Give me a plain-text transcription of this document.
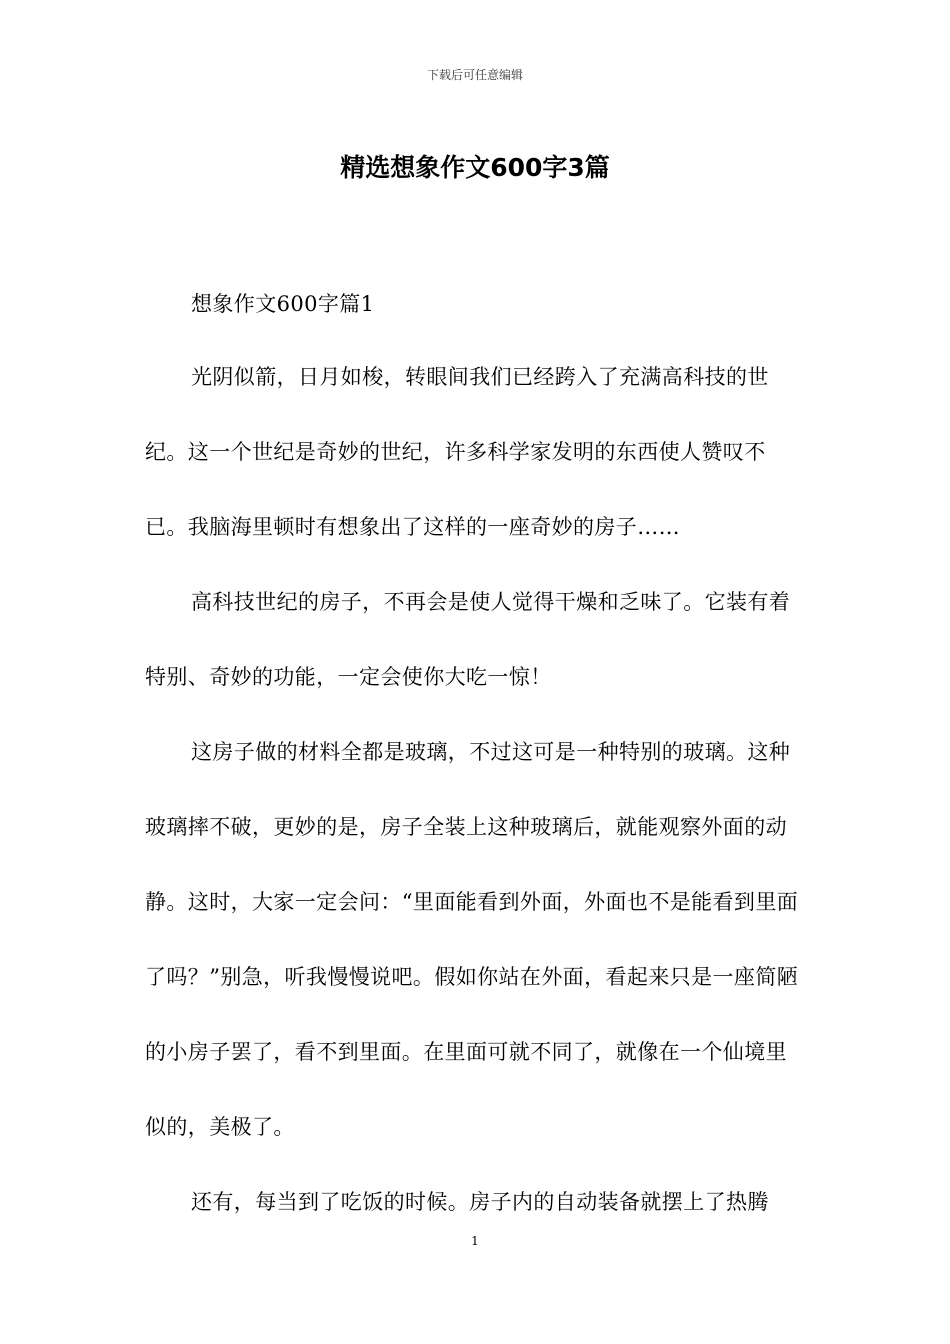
下载后可任意编辑
精选想象作文600字3篇

想象作文600字篇1

光阴似箭，日月如梭，转眼间我们已经跨入了充满高科技的世纪。这一个世纪是奇妙的世纪，许多科学家发明的东西使人赞叹不已。我脑海里顿时有想象出了这样的一座奇妙的房子……

高科技世纪的房子，不再会是使人觉得干燥和乏味了。它装有着特别、奇妙的功能，一定会使你大吃一惊！

这房子做的材料全都是玻璃，不过这可是一种特别的玻璃。这种玻璃摔不破，更妙的是，房子全装上这种玻璃后，就能观察外面的动静。这时，大家一定会问：“里面能看到外面，外面也不是能看到里面了吗？”别急，听我慢慢说吧。假如你站在外面，看起来只是一座简陋的小房子罢了，看不到里面。在里面可就不同了，就像在一个仙境里似的，美极了。

还有，每当到了吃饭的时候。房子内的自动装备就摆上了热腾

1
